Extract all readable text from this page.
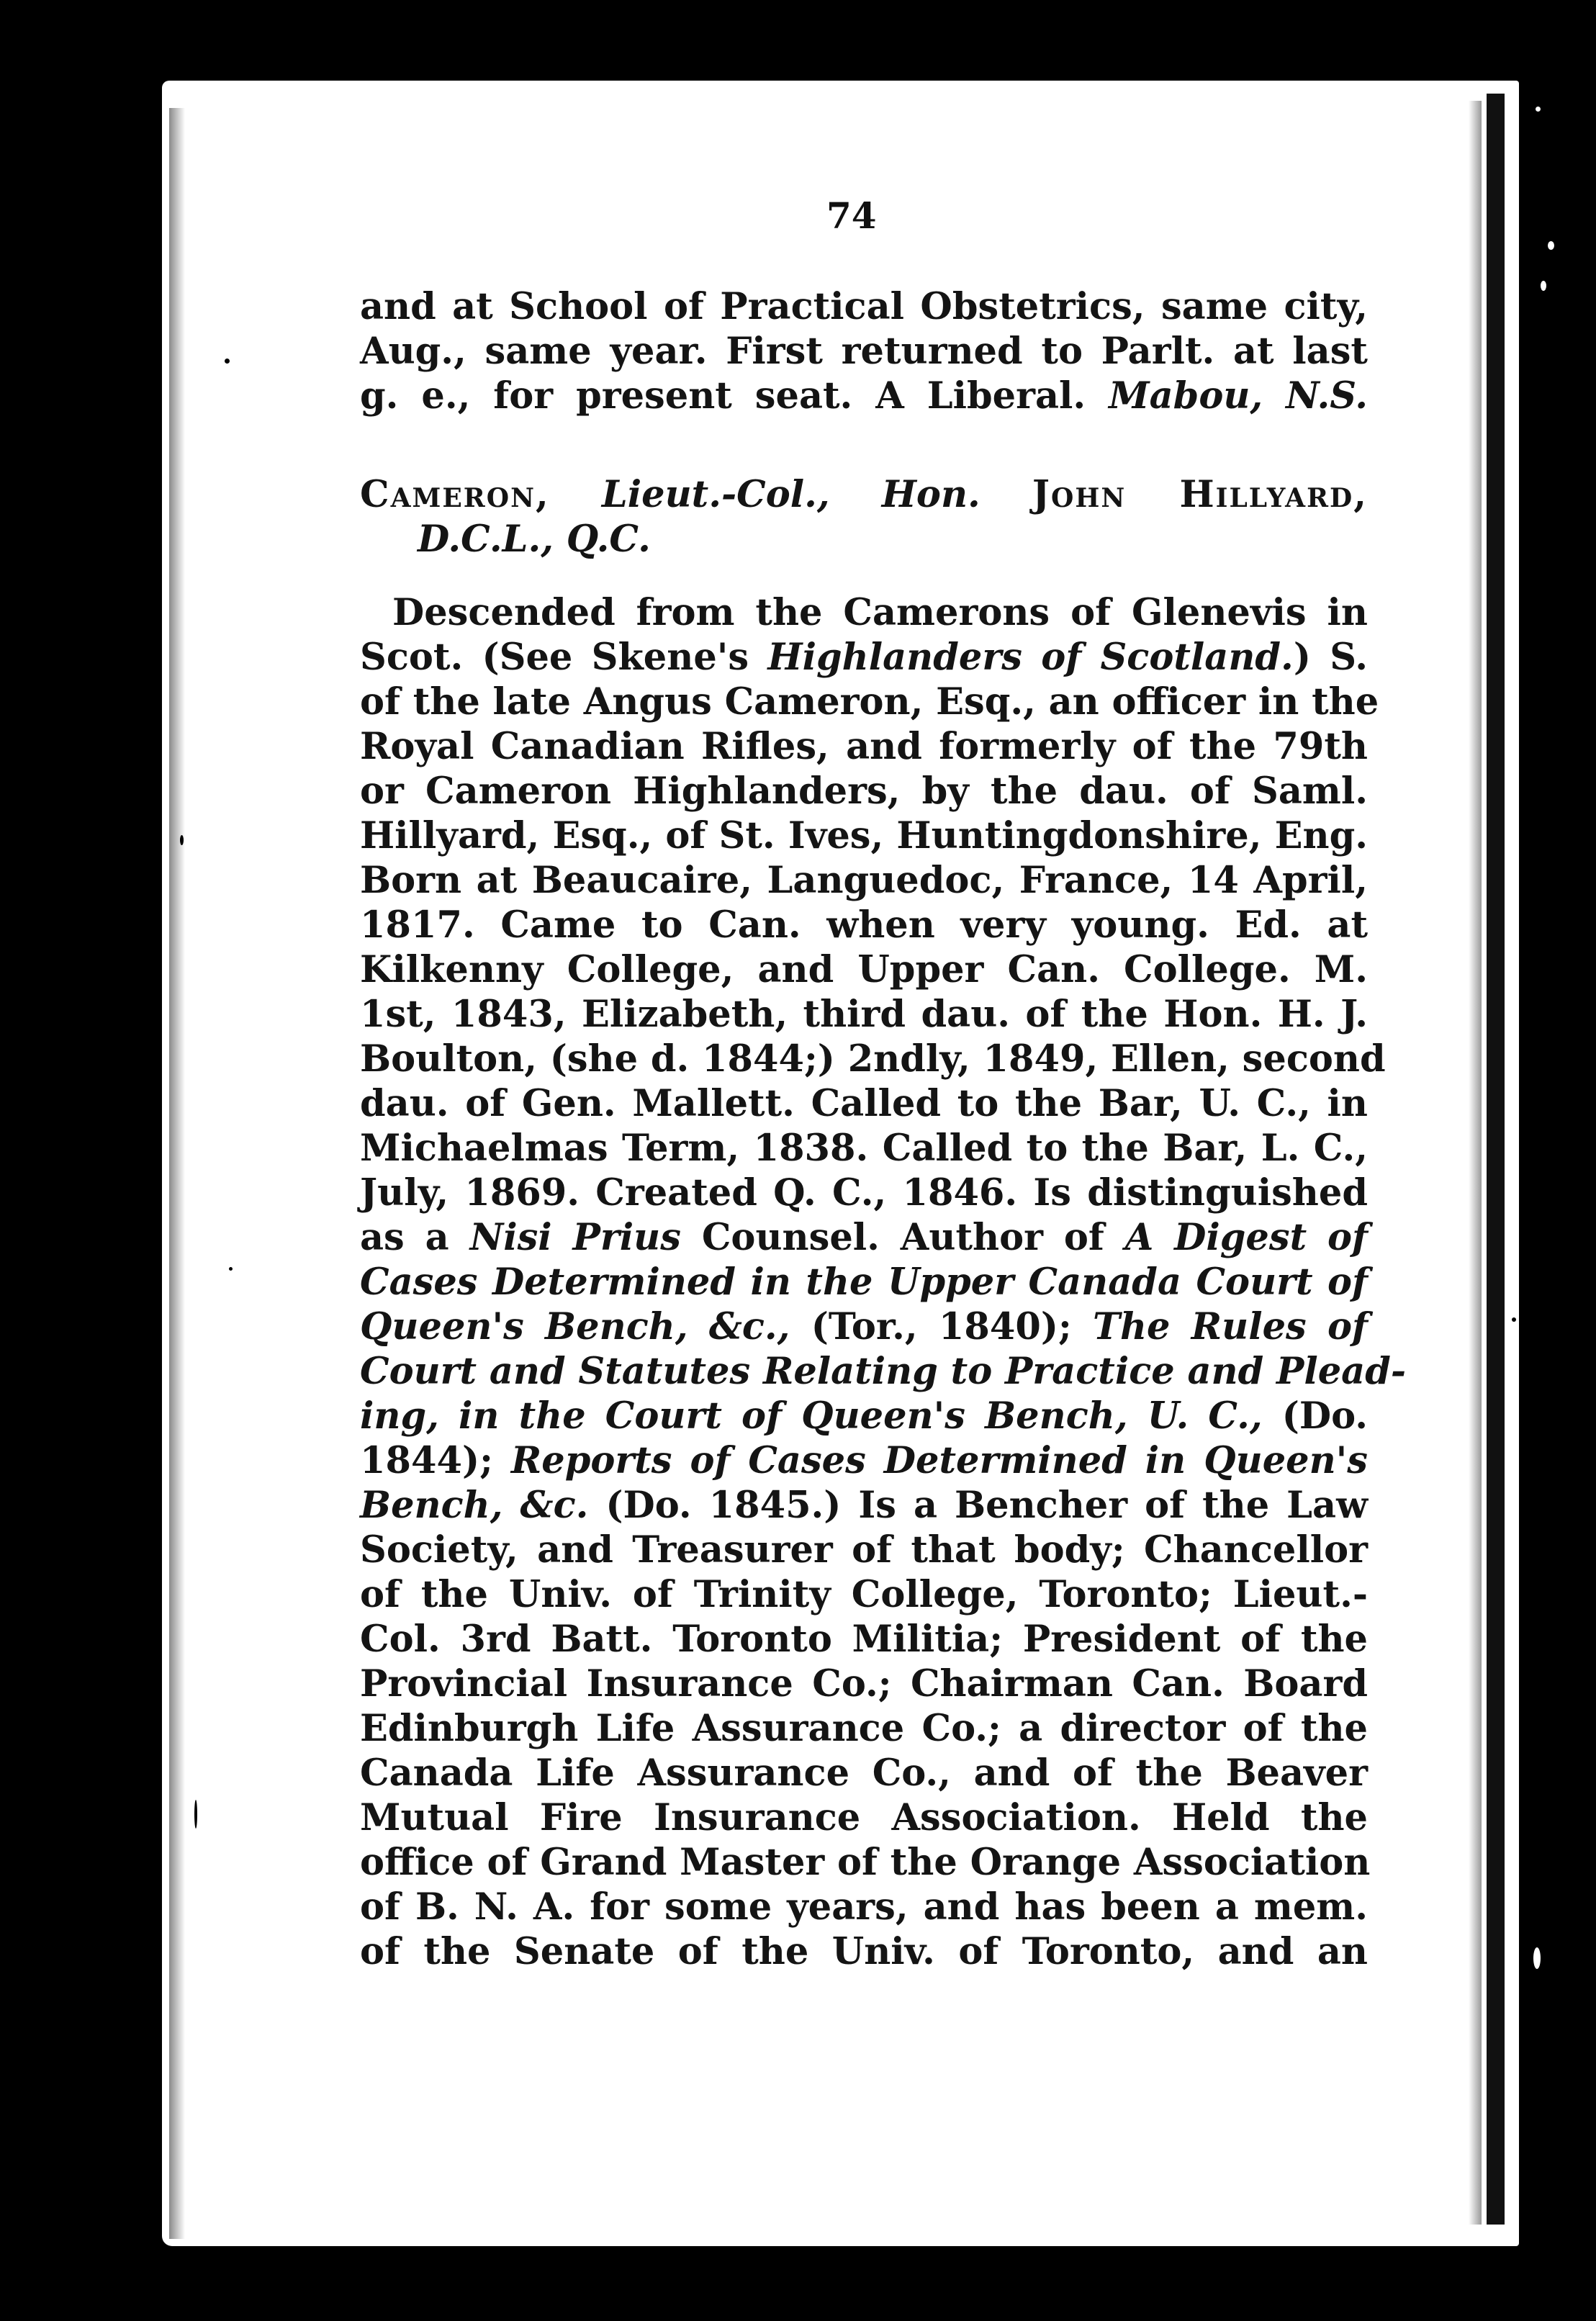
74
and at School of Practical Obstetrics, same city,
Aug., same year. First returned to Parlt. at last
g. e., for present seat. A Liberal. Mabou, N.S.
Cameron, Lieut.-Col., Hon. John Hillyard,
D.C.L., Q.C.
Descended from the Camerons of Glenevis in
Scot. (See Skene's Highlanders of Scotland.) S.
of the late Angus Cameron, Esq., an officer in the
Royal Canadian Rifles, and formerly of the 79th
or Cameron Highlanders, by the dau. of Saml.
Hillyard, Esq., of St. Ives, Huntingdonshire, Eng.
Born at Beaucaire, Languedoc, France, 14 April,
1817. Came to Can. when very young. Ed. at
Kilkenny College, and Upper Can. College. M.
1st, 1843, Elizabeth, third dau. of the Hon. H. J.
Boulton, (she d. 1844;) 2ndly, 1849, Ellen, second
dau. of Gen. Mallett. Called to the Bar, U. C., in
Michaelmas Term, 1838. Called to the Bar, L. C.,
July, 1869. Created Q. C., 1846. Is distinguished
as a Nisi Prius Counsel. Author of A Digest of
Cases Determined in the Upper Canada Court of
Queen's Bench, &c., (Tor., 1840); The Rules of
Court and Statutes Relating to Practice and Plead-
ing, in the Court of Queen's Bench, U. C., (Do.
1844); Reports of Cases Determined in Queen's
Bench, &c. (Do. 1845.) Is a Bencher of the Law
Society, and Treasurer of that body; Chancellor
of the Univ. of Trinity College, Toronto; Lieut.-
Col. 3rd Batt. Toronto Militia; President of the
Provincial Insurance Co.; Chairman Can. Board
Edinburgh Life Assurance Co.; a director of the
Canada Life Assurance Co., and of the Beaver
Mutual Fire Insurance Association. Held the
office of Grand Master of the Orange Association
of B. N. A. for some years, and has been a mem.
of the Senate of the Univ. of Toronto, and an
